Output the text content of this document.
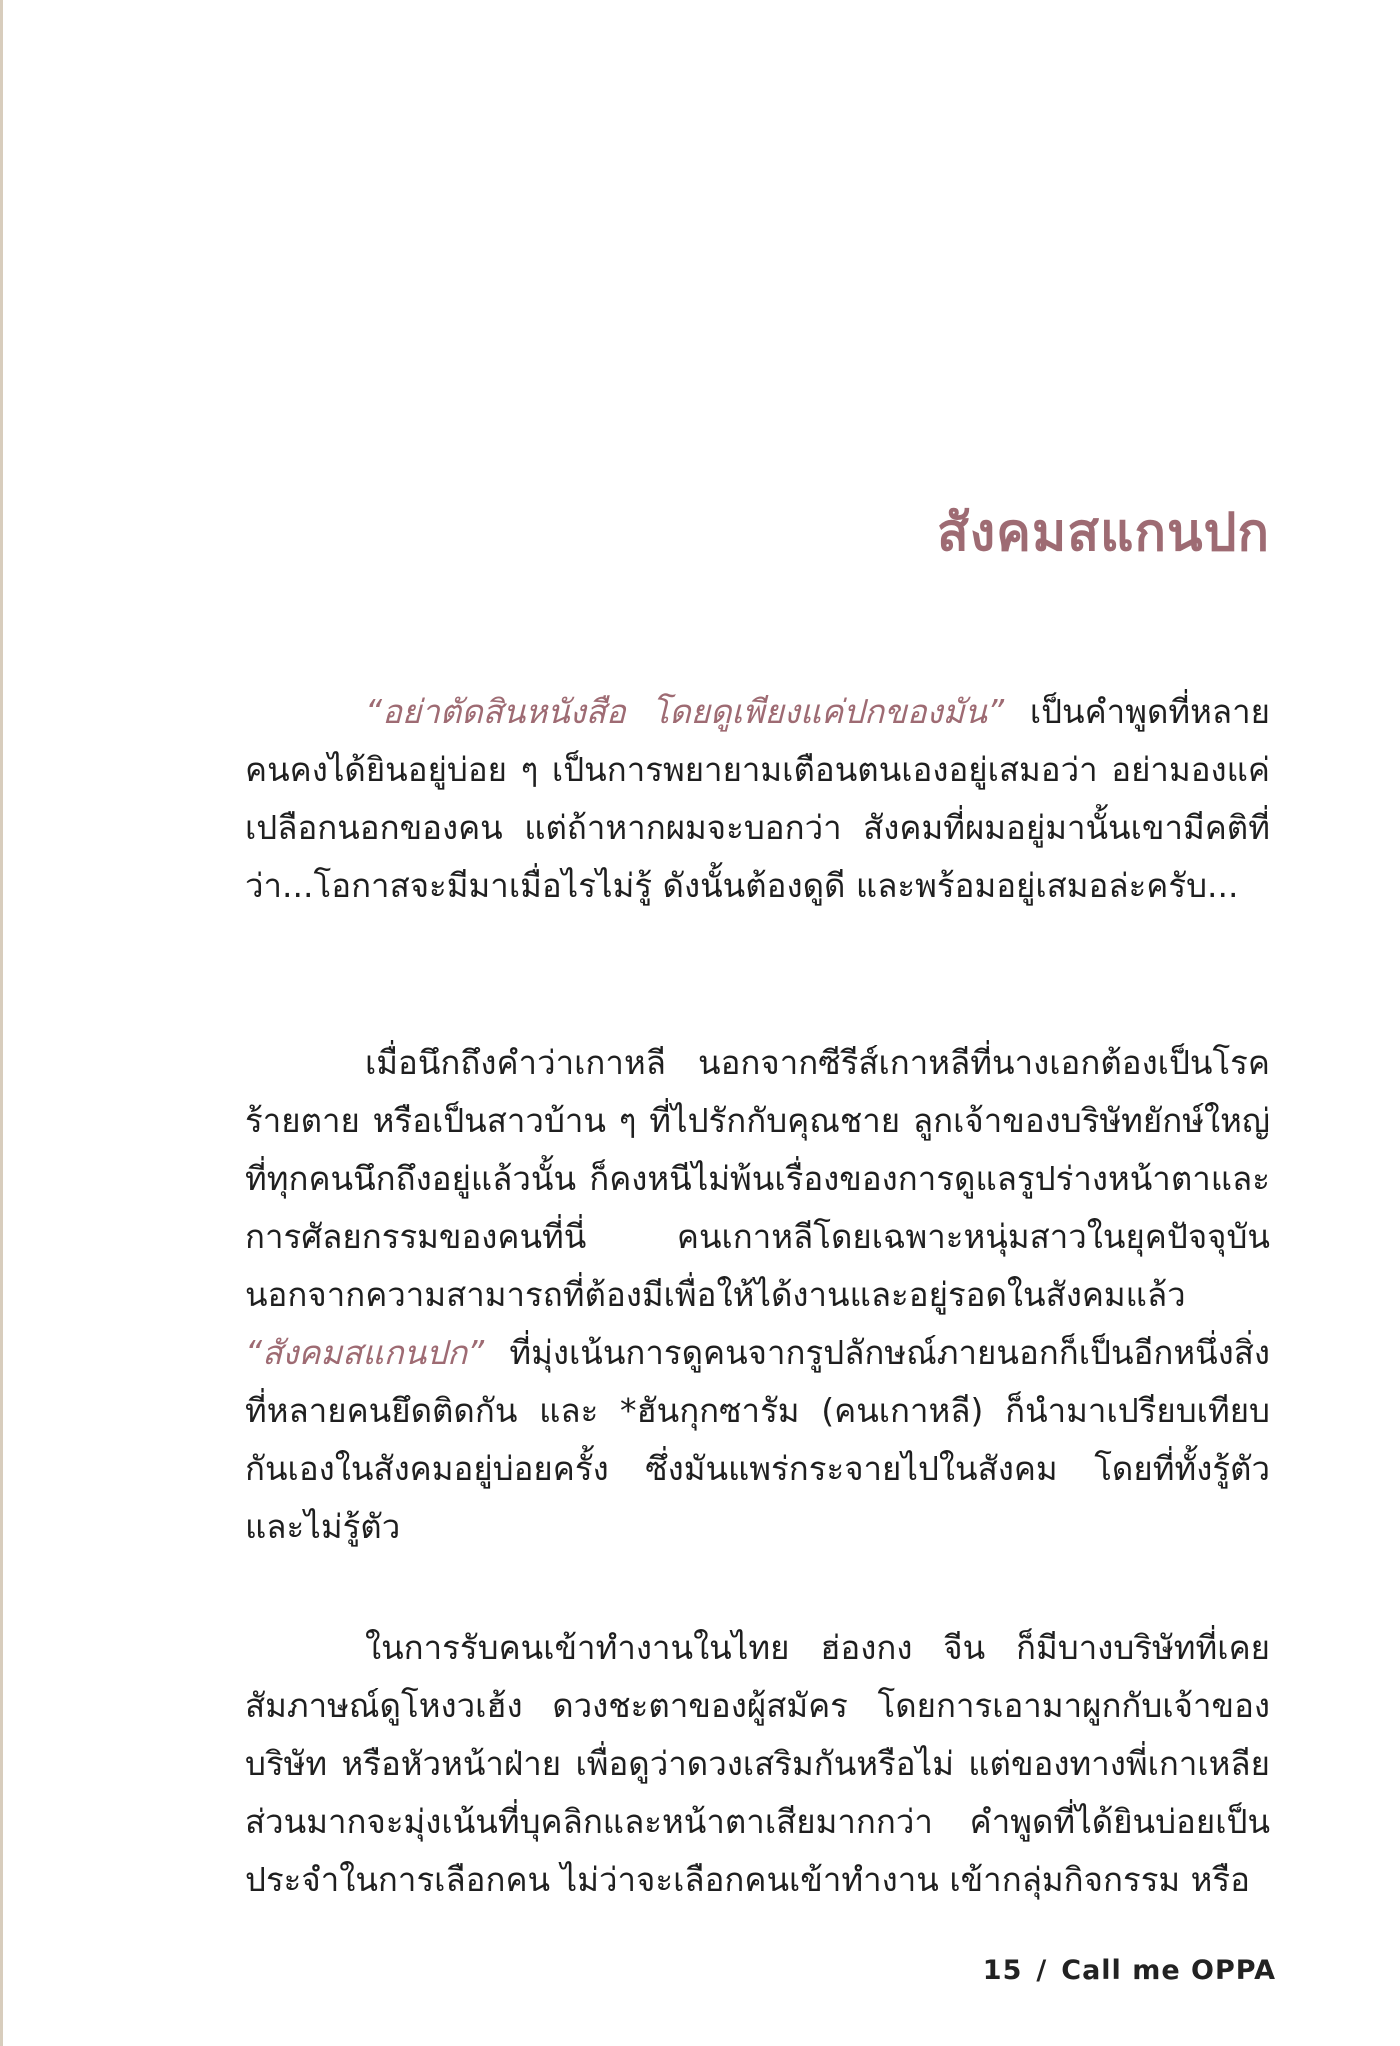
สังคมสแกนปก

“อย่าตัดสินหนังสือ โดยดูเพียงแค่ปกของมัน” เป็นคำพูดที่หลายคนคงได้ยินอยู่บ่อย ๆ เป็นการพยายามเตือนตนเองอยู่เสมอว่า อย่ามองแค่เปลือกนอกของคน แต่ถ้าหากผมจะบอกว่า สังคมที่ผมอยู่มานั้นเขามีคติที่ว่า...โอกาสจะมีมาเมื่อไรไม่รู้ ดังนั้นต้องดูดี และพร้อมอยู่เสมอล่ะครับ...

เมื่อนึกถึงคำว่าเกาหลี นอกจากซีรีส์เกาหลีที่นางเอกต้องเป็นโรคร้ายตาย หรือเป็นสาวบ้าน ๆ ที่ไปรักกับคุณชาย ลูกเจ้าของบริษัทยักษ์ใหญ่ที่ทุกคนนึกถึงอยู่แล้วนั้น ก็คงหนีไม่พ้นเรื่องของการดูแลรูปร่างหน้าตาและการศัลยกรรมของคนที่นี่ คนเกาหลีโดยเฉพาะหนุ่มสาวในยุคปัจจุบันนอกจากความสามารถที่ต้องมีเพื่อให้ได้งานและอยู่รอดในสังคมแล้ว “สังคมสแกนปก” ที่มุ่งเน้นการดูคนจากรูปลักษณ์ภายนอกก็เป็นอีกหนึ่งสิ่งที่หลายคนยึดติดกัน และ *ฮันกุกซารัม (คนเกาหลี) ก็นำมาเปรียบเทียบกันเองในสังคมอยู่บ่อยครั้ง ซึ่งมันแพร่กระจายไปในสังคม โดยที่ทั้งรู้ตัวและไม่รู้ตัว

ในการรับคนเข้าทำงานในไทย ฮ่องกง จีน ก็มีบางบริษัทที่เคยสัมภาษณ์ดูโหงวเฮ้ง ดวงชะตาของผู้สมัคร โดยการเอามาผูกกับเจ้าของบริษัท หรือหัวหน้าฝ่าย เพื่อดูว่าดวงเสริมกันหรือไม่ แต่ของทางพี่เกาเหลียส่วนมากจะมุ่งเน้นที่บุคลิกและหน้าตาเสียมากกว่า คำพูดที่ได้ยินบ่อยเป็นประจำในการเลือกคน ไม่ว่าจะเลือกคนเข้าทำงาน เข้ากลุ่มกิจกรรม หรือ

15 / Call me OPPA
